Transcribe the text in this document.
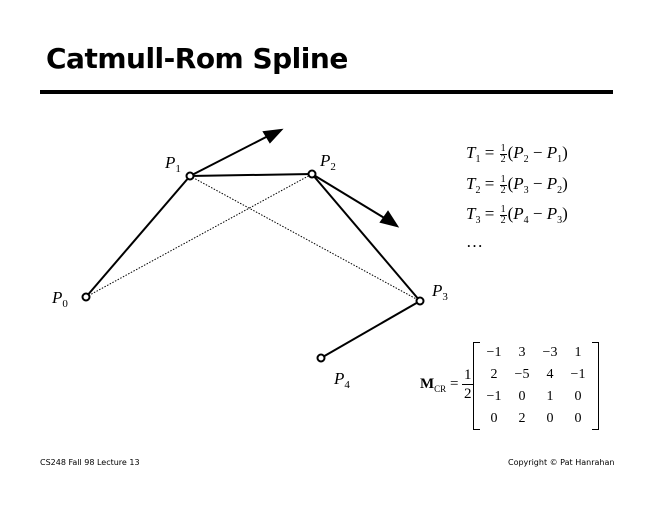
Catmull-Rom Spline
$P_0$
$P_1$	$P_2$
$P_3$
$P_4$
$T_1 = \frac{1}{2} (P_2 - P_1)$
$T_2 = \frac{1}{2} (P_3 - P_2)$
$T_3 = \frac{1}{2} (P_4 - P_3)$
…
$M_{CR}$ =
1
2
−1	3	−3	1
2	−5	4	−1
−1	0	1	0
0	2	0	0
CS248 Fall 98 Lecture 13	Copyright © Pat Hanrahan
